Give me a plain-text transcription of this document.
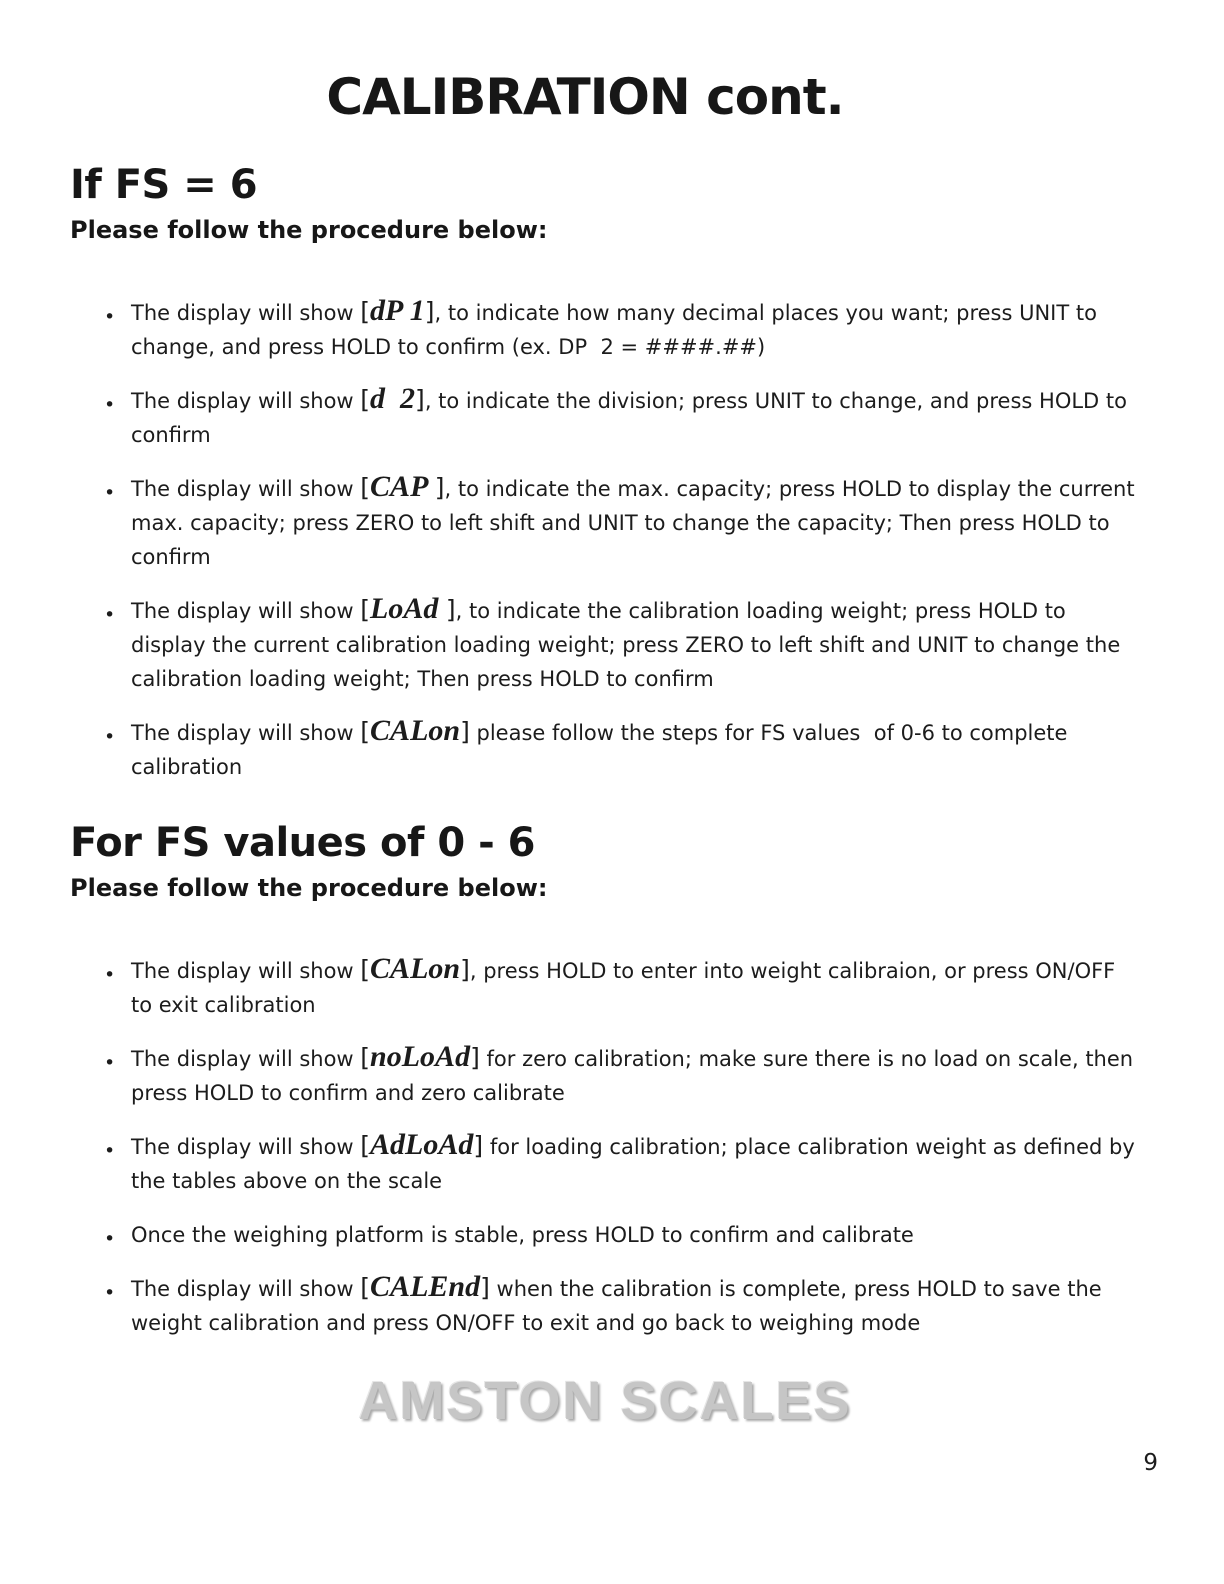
CALIBRATION cont.
If FS = 6
Please follow the procedure below:
• The display will show [dP 1], to indicate how many decimal places you want; press UNIT to change, and press HOLD to confirm (ex. DP  2 = ####.##)
• The display will show [d  2], to indicate the division; press UNIT to change, and press HOLD to confirm
• The display will show [CAP ], to indicate the max. capacity; press HOLD to display the current max. capacity; press ZERO to left shift and UNIT to change the capacity; Then press HOLD to confirm
• The display will show [LoAd ], to indicate the calibration loading weight; press HOLD to display the current calibration loading weight; press ZERO to left shift and UNIT to change the calibration loading weight; Then press HOLD to confirm
• The display will show [CALon] please follow the steps for FS values  of 0-6 to complete calibration
For FS values of 0 - 6
Please follow the procedure below:
• The display will show [CALon], press HOLD to enter into weight calibraion, or press ON/OFF to exit calibration
• The display will show [noLoAd] for zero calibration; make sure there is no load on scale, then press HOLD to confirm and zero calibrate
• The display will show [AdLoAd] for loading calibration; place calibration weight as defined by the tables above on the scale
• Once the weighing platform is stable, press HOLD to confirm and calibrate
• The display will show [CALEnd] when the calibration is complete, press HOLD to save the weight calibration and press ON/OFF to exit and go back to weighing mode
AMSTON SCALES
9
